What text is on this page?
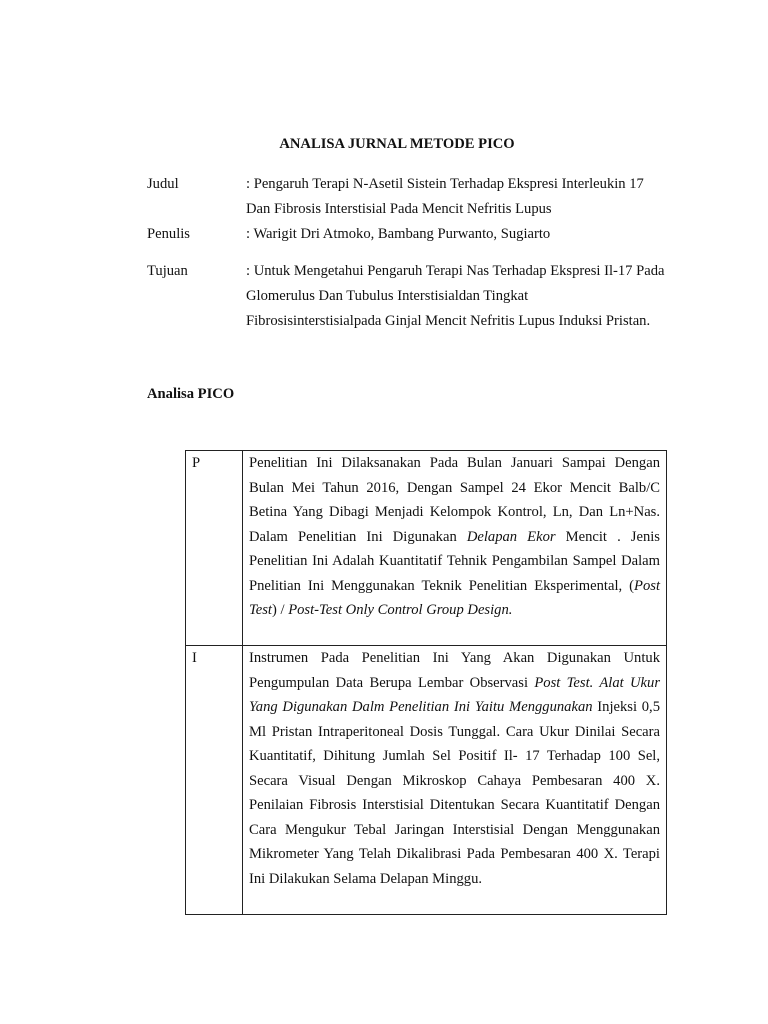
ANALISA JURNAL METODE PICO
Judul	: Pengaruh Terapi N-Asetil Sistein Terhadap Ekspresi Interleukin 17 Dan Fibrosis Interstisial Pada Mencit Nefritis Lupus
Penulis	: Warigit Dri Atmoko, Bambang Purwanto, Sugiarto
Tujuan	: Untuk Mengetahui Pengaruh Terapi Nas Terhadap Ekspresi Il-17 Pada Glomerulus Dan Tubulus Interstisialdan Tingkat Fibrosisinterstisialpada Ginjal Mencit Nefritis Lupus Induksi Pristan.
Analisa PICO
P	Penelitian Ini Dilaksanakan Pada Bulan Januari Sampai Dengan Bulan Mei Tahun 2016, Dengan Sampel 24 Ekor Mencit Balb/C Betina Yang Dibagi Menjadi Kelompok Kontrol, Ln, Dan Ln+Nas. Dalam Penelitian Ini Digunakan Delapan Ekor Mencit . Jenis Penelitian Ini Adalah Kuantitatif Tehnik Pengambilan Sampel Dalam Pnelitian Ini Menggunakan Teknik Penelitian Eksperimental, (Post Test) / Post-Test Only Control Group Design.
I	Instrumen Pada Penelitian Ini Yang Akan Digunakan Untuk Pengumpulan Data Berupa Lembar Observasi Post Test. Alat Ukur Yang Digunakan Dalm Penelitian Ini Yaitu Menggunakan Injeksi 0,5 Ml Pristan Intraperitoneal Dosis Tunggal. Cara Ukur Dinilai Secara Kuantitatif, Dihitung Jumlah Sel Positif Il- 17 Terhadap 100 Sel, Secara Visual Dengan Mikroskop Cahaya Pembesaran 400 X. Penilaian Fibrosis Interstisial Ditentukan Secara Kuantitatif Dengan Cara Mengukur Tebal Jaringan Interstisial Dengan Menggunakan Mikrometer Yang Telah Dikalibrasi Pada Pembesaran 400 X. Terapi Ini Dilakukan Selama Delapan Minggu.
